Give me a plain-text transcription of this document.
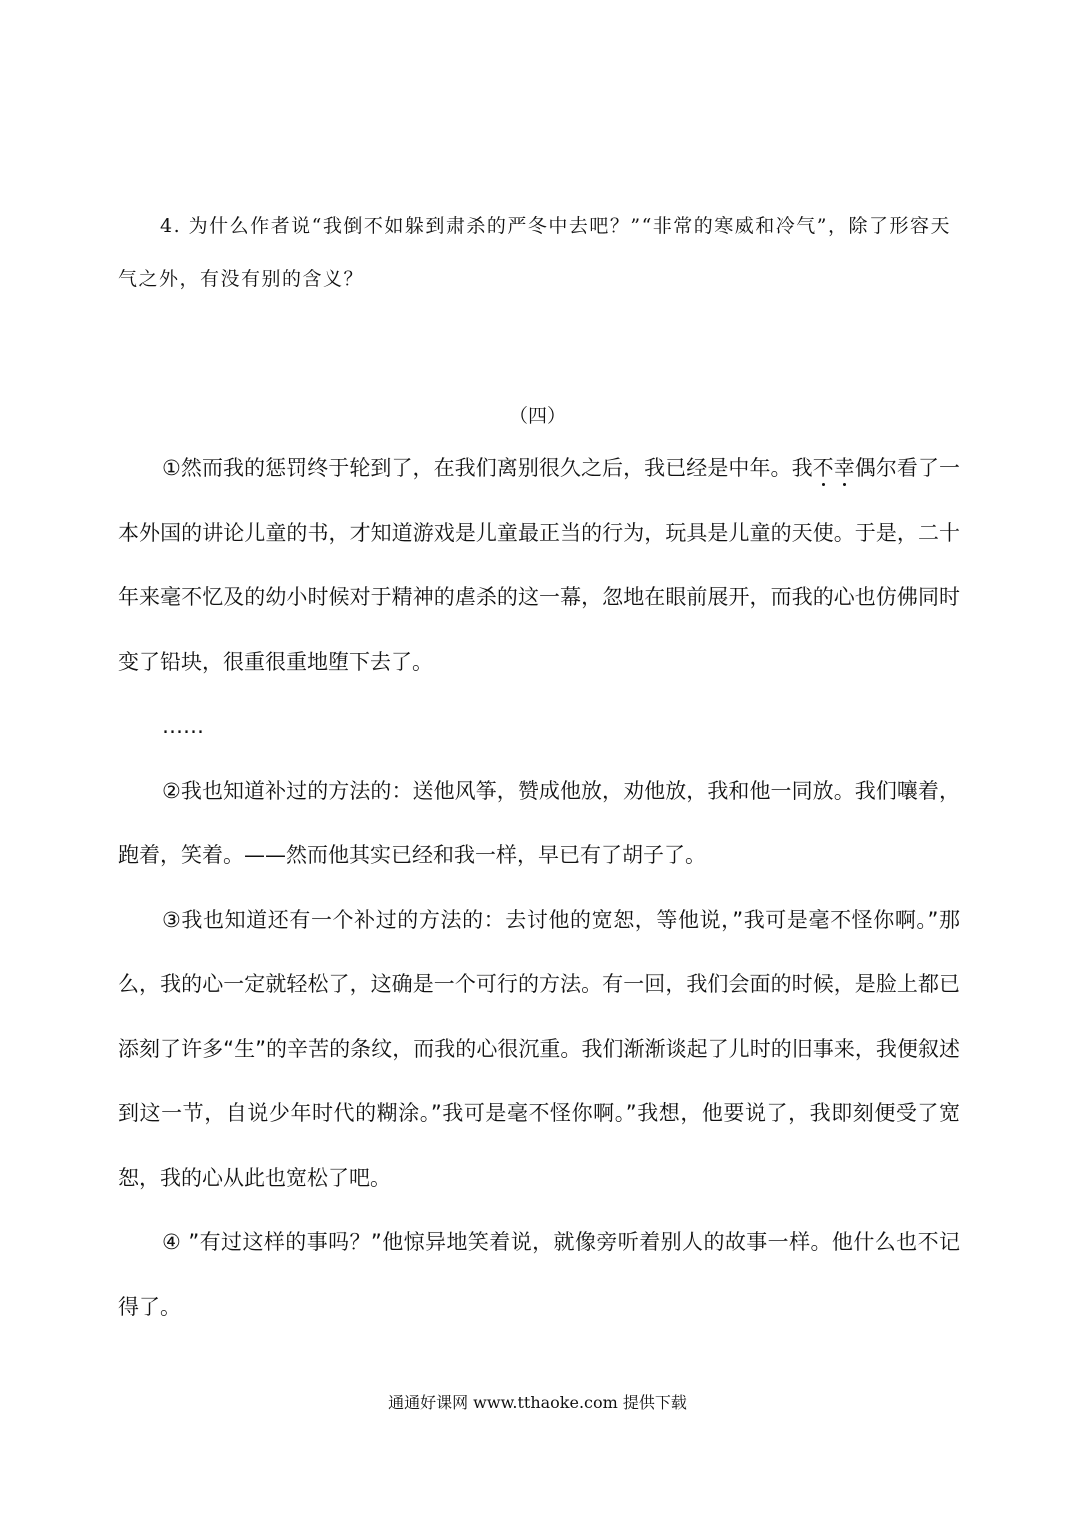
4. 为什么作者说“我倒不如躲到肃杀的严冬中去吧？”“非常的寒威和冷气”，除了形容天气之外，有没有别的含义？
（四）

①然而我的惩罚终于轮到了，在我们离别很久之后，我已经是中年。我不幸偶尔看了一本外国的讲论儿童的书，才知道游戏是儿童最正当的行为，玩具是儿童的天使。于是，二十年来毫不忆及的幼小时候对于精神的虐杀的这一幕，忽地在眼前展开，而我的心也仿佛同时变了铅块，很重很重地堕下去了。

……

②我也知道补过的方法的：送他风筝，赞成他放，劝他放，我和他一同放。我们嚷着，跑着，笑着。——然而他其实已经和我一样，早已有了胡子了。

③我也知道还有一个补过的方法的：去讨他的宽恕，等他说，”我可是毫不怪你啊。”那么，我的心一定就轻松了，这确是一个可行的方法。有一回，我们会面的时候，是脸上都已添刻了许多“生”的辛苦的条纹，而我的心很沉重。我们渐渐谈起了儿时的旧事来，我便叙述到这一节，自说少年时代的糊涂。”我可是毫不怪你啊。”我想，他要说了，我即刻便受了宽恕，我的心从此也宽松了吧。

④ ”有过这样的事吗？”他惊异地笑着说，就像旁听着别人的故事一样。他什么也不记得了。

通通好课网 www.tthaoke.com 提供下载
